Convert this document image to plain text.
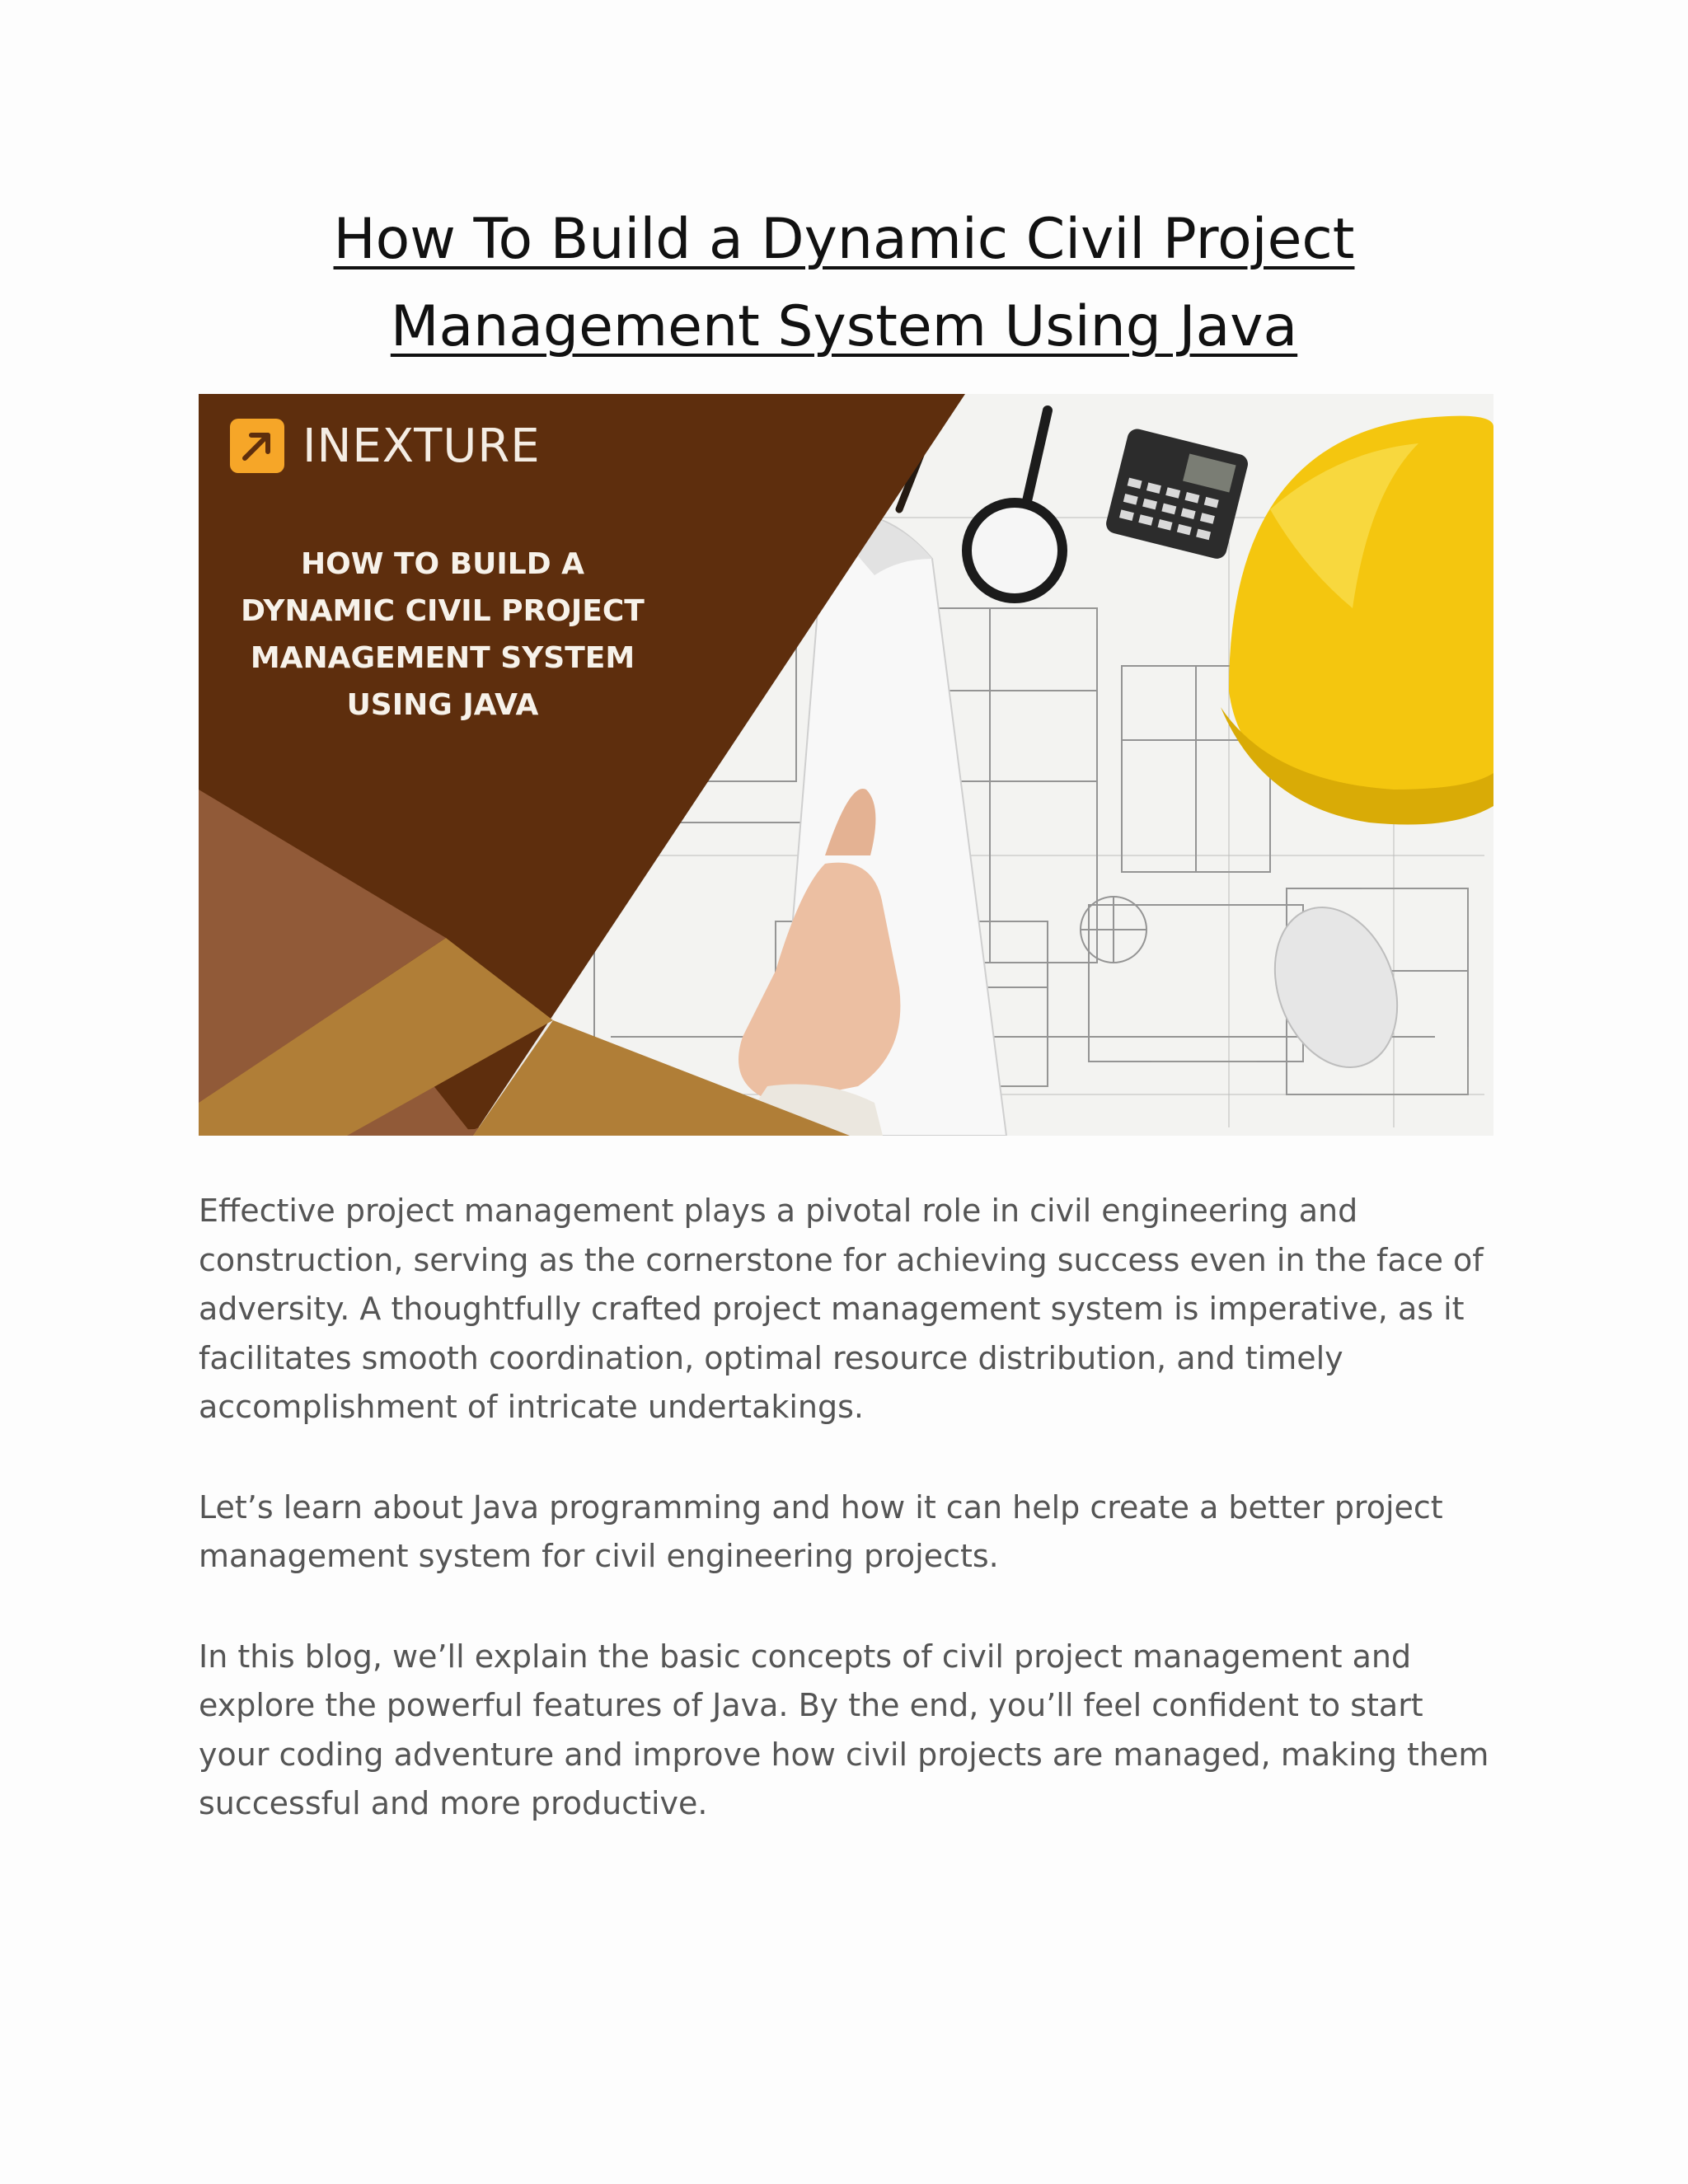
How To Build a Dynamic Civil Project
Management System Using Java
INEXTURE
HOW TO BUILD A
DYNAMIC CIVIL PROJECT
MANAGEMENT SYSTEM
USING JAVA

Effective project management plays a pivotal role in civil engineering and construction, serving as the cornerstone for achieving success even in the face of adversity. A thoughtfully crafted project management system is imperative, as it facilitates smooth coordination, optimal resource distribution, and timely accomplishment of intricate undertakings.

Let’s learn about Java programming and how it can help create a better project management system for civil engineering projects.

In this blog, we’ll explain the basic concepts of civil project management and explore the powerful features of Java. By the end, you’ll feel confident to start your coding adventure and improve how civil projects are managed, making them successful and more productive.
